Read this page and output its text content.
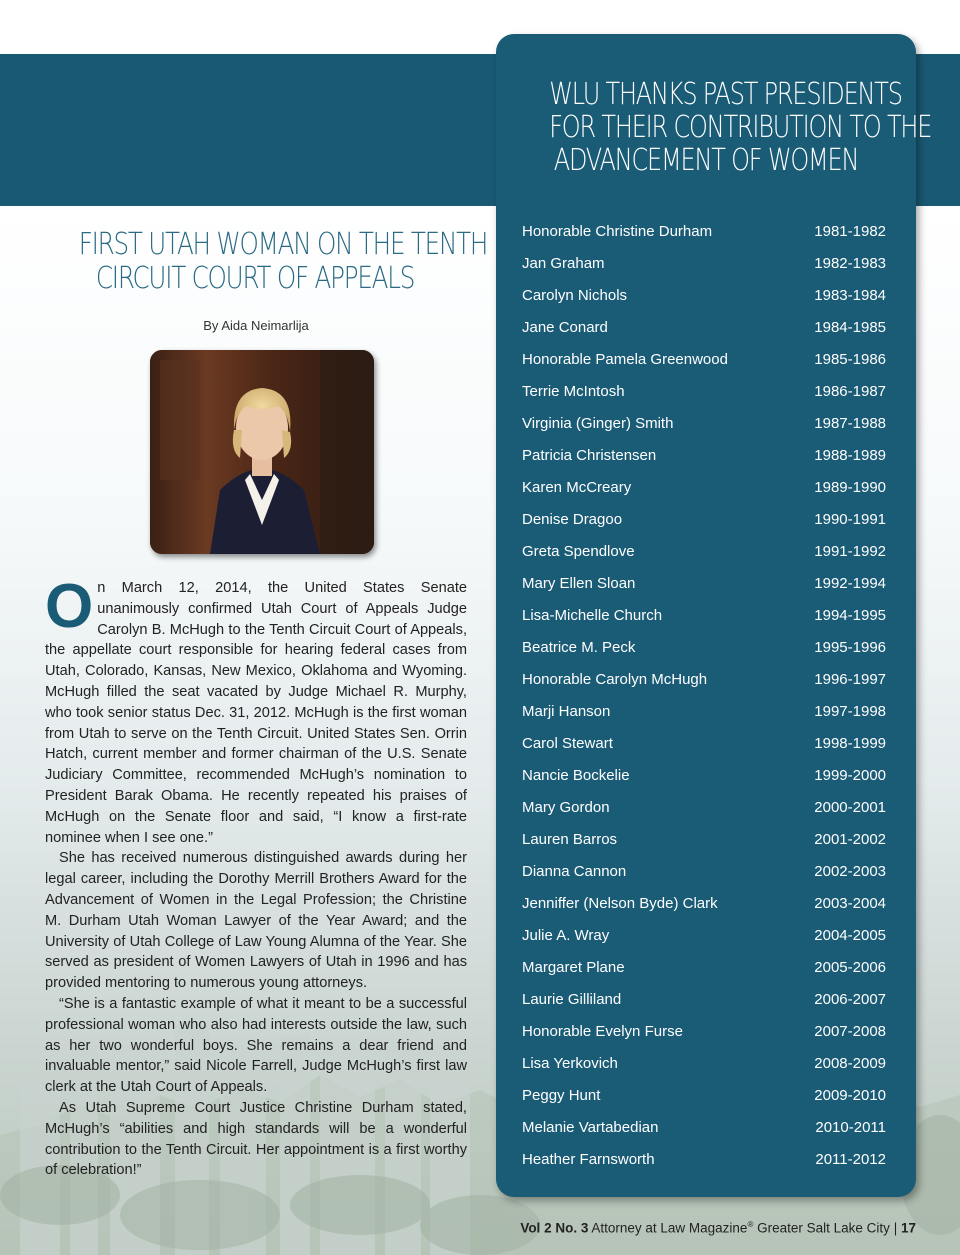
WLU THANKS PAST PRESIDENTS
FOR THEIR CONTRIBUTION TO THE
ADVANCEMENT OF WOMEN
Honorable Christine Durham	1981-1982
Jan Graham	1982-1983
Carolyn Nichols	1983-1984
Jane Conard	1984-1985
Honorable Pamela Greenwood	1985-1986
Terrie McIntosh	1986-1987
Virginia (Ginger) Smith	1987-1988
Patricia Christensen	1988-1989
Karen McCreary	1989-1990
Denise Dragoo	1990-1991
Greta Spendlove	1991-1992
Mary Ellen Sloan	1992-1994
Lisa-Michelle Church	1994-1995
Beatrice M. Peck	1995-1996
Honorable Carolyn McHugh	1996-1997
Marji Hanson	1997-1998
Carol Stewart	1998-1999
Nancie Bockelie	1999-2000
Mary Gordon	2000-2001
Lauren Barros	2001-2002
Dianna Cannon	2002-2003
Jenniffer (Nelson Byde) Clark	2003-2004
Julie A. Wray	2004-2005
Margaret Plane	2005-2006
Laurie Gilliland	2006-2007
Honorable Evelyn Furse	2007-2008
Lisa Yerkovich	2008-2009
Peggy Hunt	2009-2010
Melanie Vartabedian	2010-2011
Heather Farnsworth	2011-2012
FIRST UTAH WOMAN ON THE TENTH
CIRCUIT COURT OF APPEALS
By Aida Neimarlija

On March 12, 2014, the United States Senate unanimously confirmed Utah Court of Appeals Judge Carolyn B. McHugh to the Tenth Circuit Court of Appeals, the appellate court responsible for hearing federal cases from Utah, Colorado, Kansas, New Mexico, Oklahoma and Wyoming. McHugh filled the seat vacated by Judge Michael R. Murphy, who took senior status Dec. 31, 2012. McHugh is the first woman from Utah to serve on the Tenth Circuit. United States Sen. Orrin Hatch, current member and former chairman of the U.S. Senate Judiciary Committee, recommended McHugh’s nomination to President Barak Obama. He recently repeated his praises of McHugh on the Senate floor and said, “I know a first-rate nominee when I see one.”

She has received numerous distinguished awards during her legal career, including the Dorothy Merrill Brothers Award for the Advancement of Women in the Legal Profession; the Christine M. Durham Utah Woman Lawyer of the Year Award; and the University of Utah College of Law Young Alumna of the Year. She served as president of Women Lawyers of Utah in 1996 and has provided mentoring to numerous young attorneys.

“She is a fantastic example of what it meant to be a successful professional woman who also had interests outside the law, such as her two wonderful boys. She remains a dear friend and invaluable mentor,” said Nicole Farrell, Judge McHugh’s first law clerk at the Utah Court of Appeals.

As Utah Supreme Court Justice Christine Durham stated, McHugh’s “abilities and high standards will be a wonderful contribution to the Tenth Circuit. Her appointment is a first worthy of celebration!”

Vol 2 No. 3 Attorney at Law Magazine® Greater Salt Lake City | 17
